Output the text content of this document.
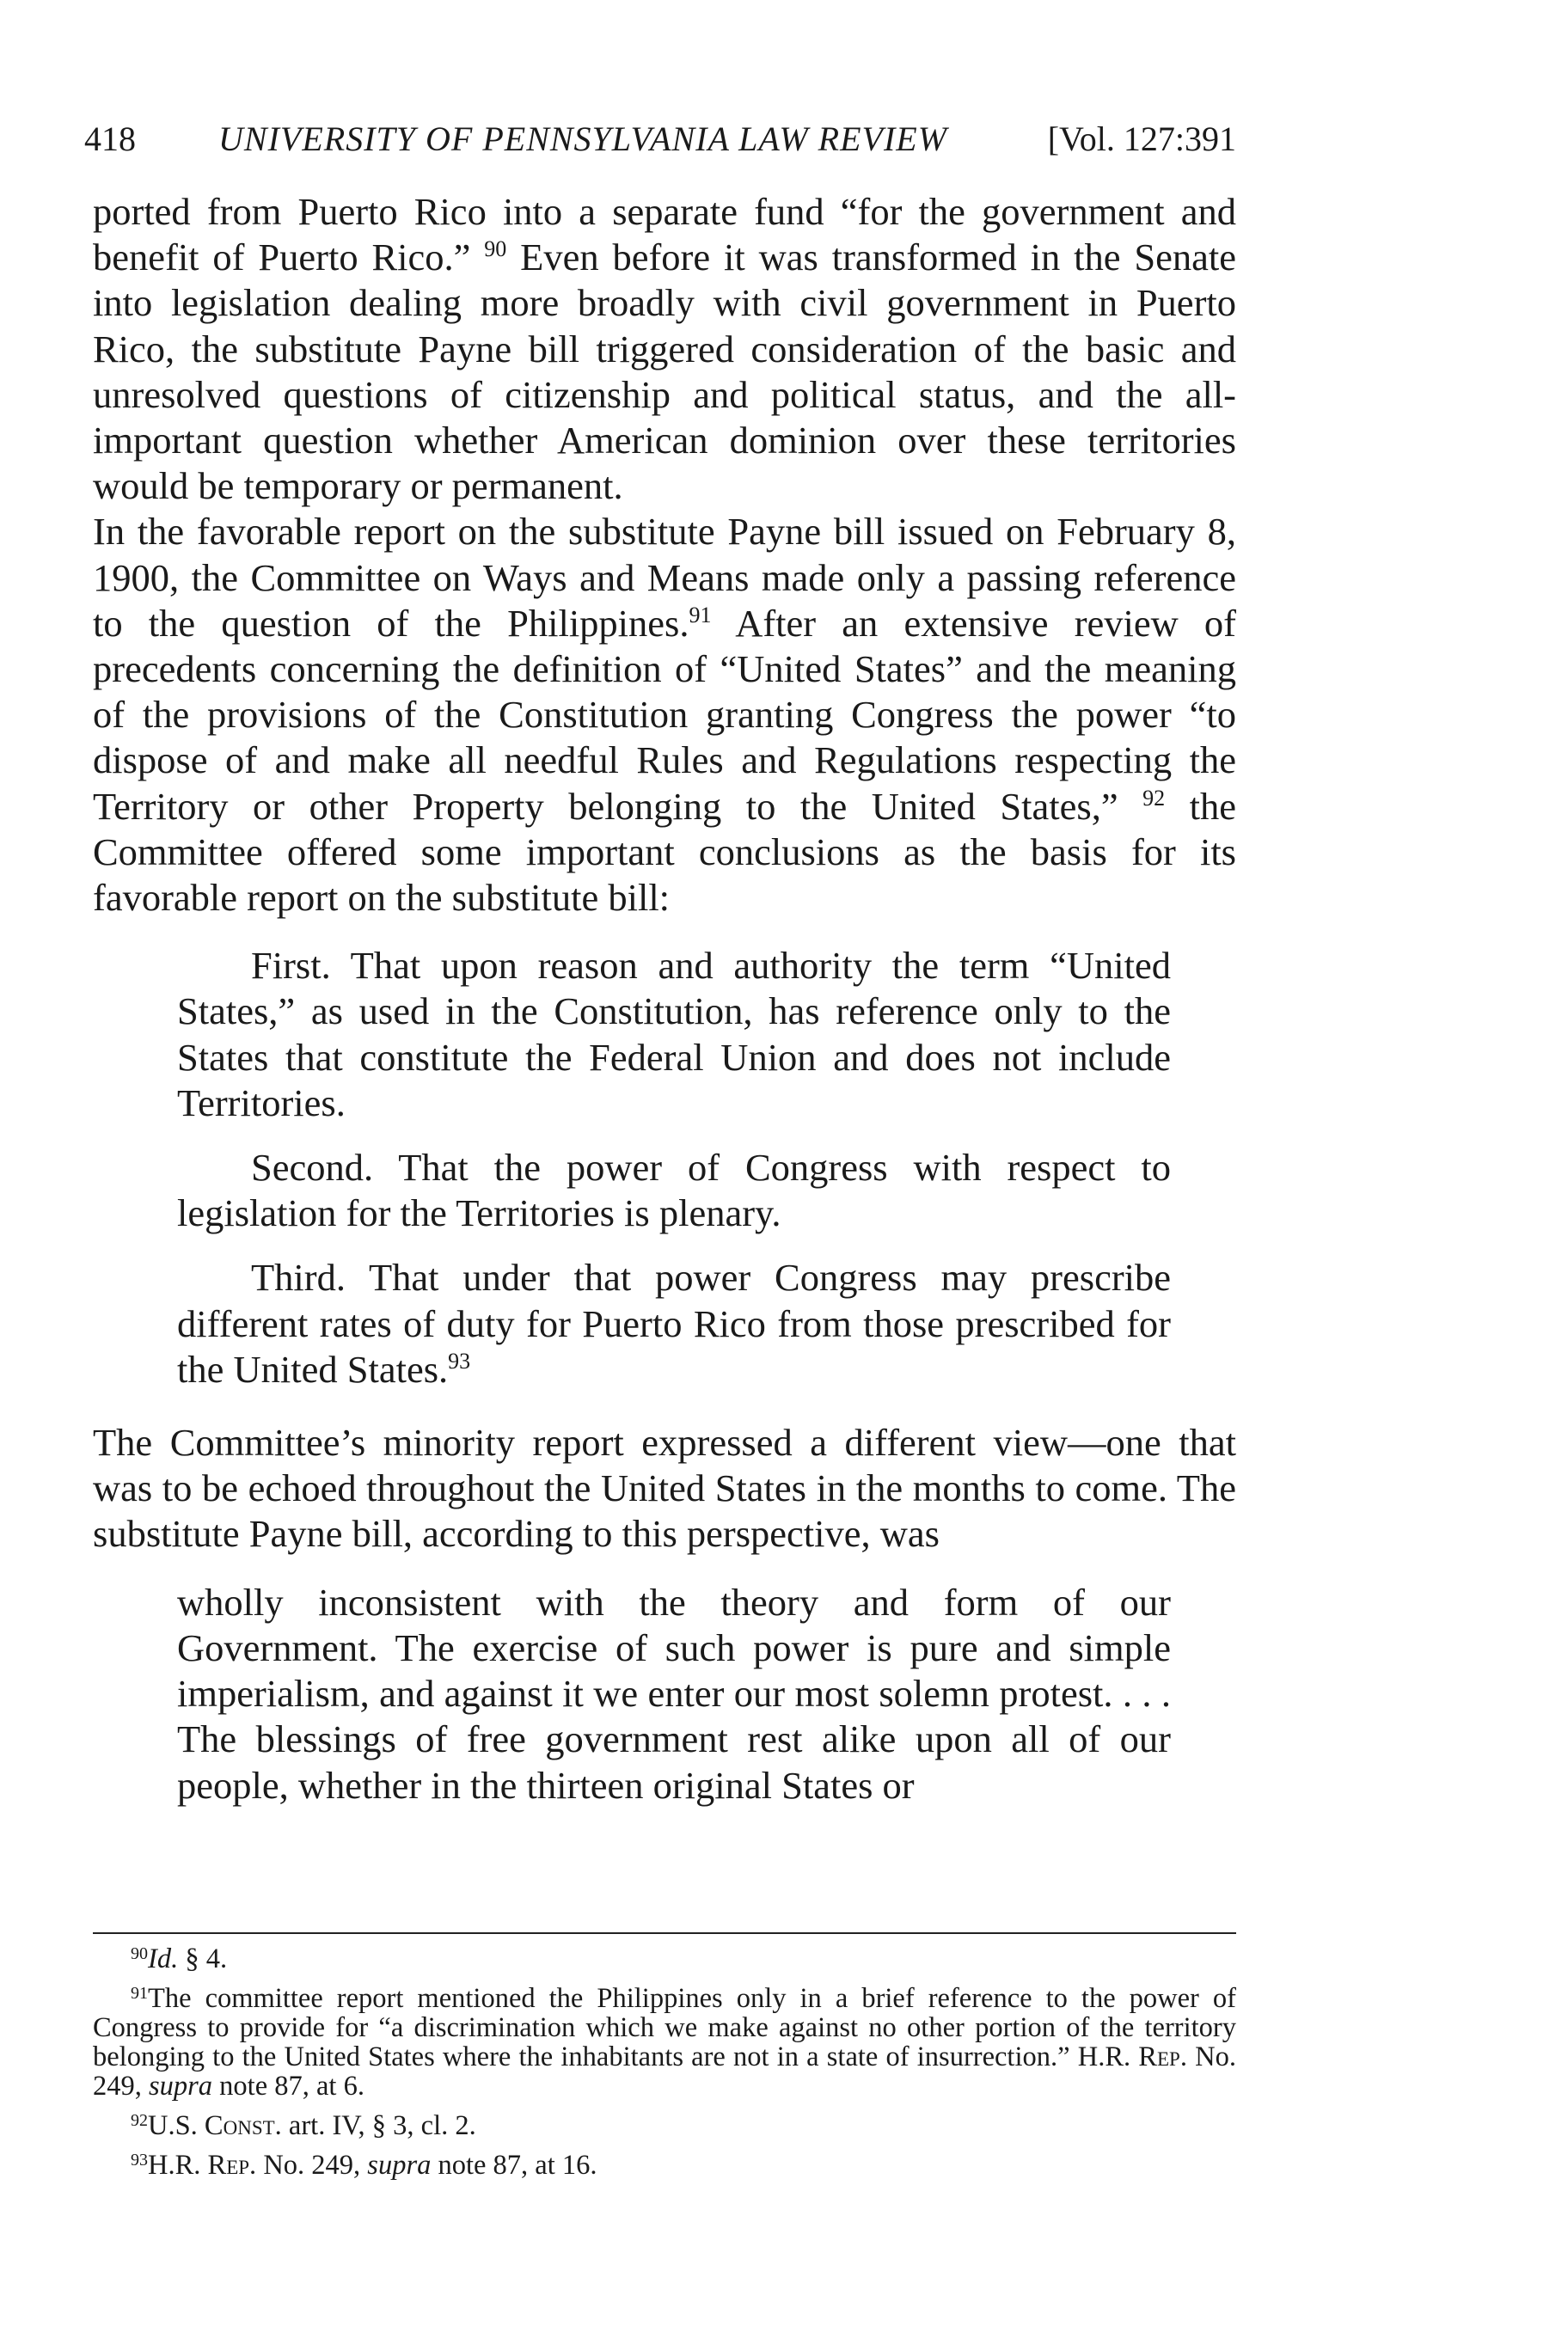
418 UNIVERSITY OF PENNSYLVANIA LAW REVIEW	[Vol. 127:391

ported from Puerto Rico into a separate fund “for the government and benefit of Puerto Rico.” $^{90}$ Even before it was transformed in the Senate into legislation dealing more broadly with civil government in Puerto Rico, the substitute Payne bill triggered consideration of the basic and unresolved questions of citizenship and political status, and the all-important question whether American dominion over these territories would be temporary or permanent.

In the favorable report on the substitute Payne bill issued on February 8, 1900, the Committee on Ways and Means made only a passing reference to the question of the Philippines.$^{91}$ After an extensive review of precedents concerning the definition of “United States” and the meaning of the provisions of the Constitution granting Congress the power “to dispose of and make all needful Rules and Regulations respecting the Territory or other Property belonging to the United States,” $^{92}$ the Committee offered some important conclusions as the basis for its favorable report on the substitute bill:

First. That upon reason and authority the term “United States,” as used in the Constitution, has reference only to the States that constitute the Federal Union and does not include Territories.

Second. That the power of Congress with respect to legislation for the Territories is plenary.

Third. That under that power Congress may prescribe different rates of duty for Puerto Rico from those prescribed for the United States.$^{93}$

The Committee’s minority report expressed a different view—one that was to be echoed throughout the United States in the months to come. The substitute Payne bill, according to this perspective, was

wholly inconsistent with the theory and form of our Government. The exercise of such power is pure and simple imperialism, and against it we enter our most solemn protest. . . . The blessings of free government rest alike upon all of our people, whether in the thirteen original States or

$^{90}$Id. § 4.

$^{91}$The committee report mentioned the Philippines only in a brief reference to the power of Congress to provide for “a discrimination which we make against no other portion of the territory belonging to the United States where the inhabitants are not in a state of insurrection.” H.R. Rep. No. 249, supra note 87, at 6.

$^{92}$U.S. Const. art. IV, § 3, cl. 2.

$^{93}$H.R. Rep. No. 249, supra note 87, at 16.
